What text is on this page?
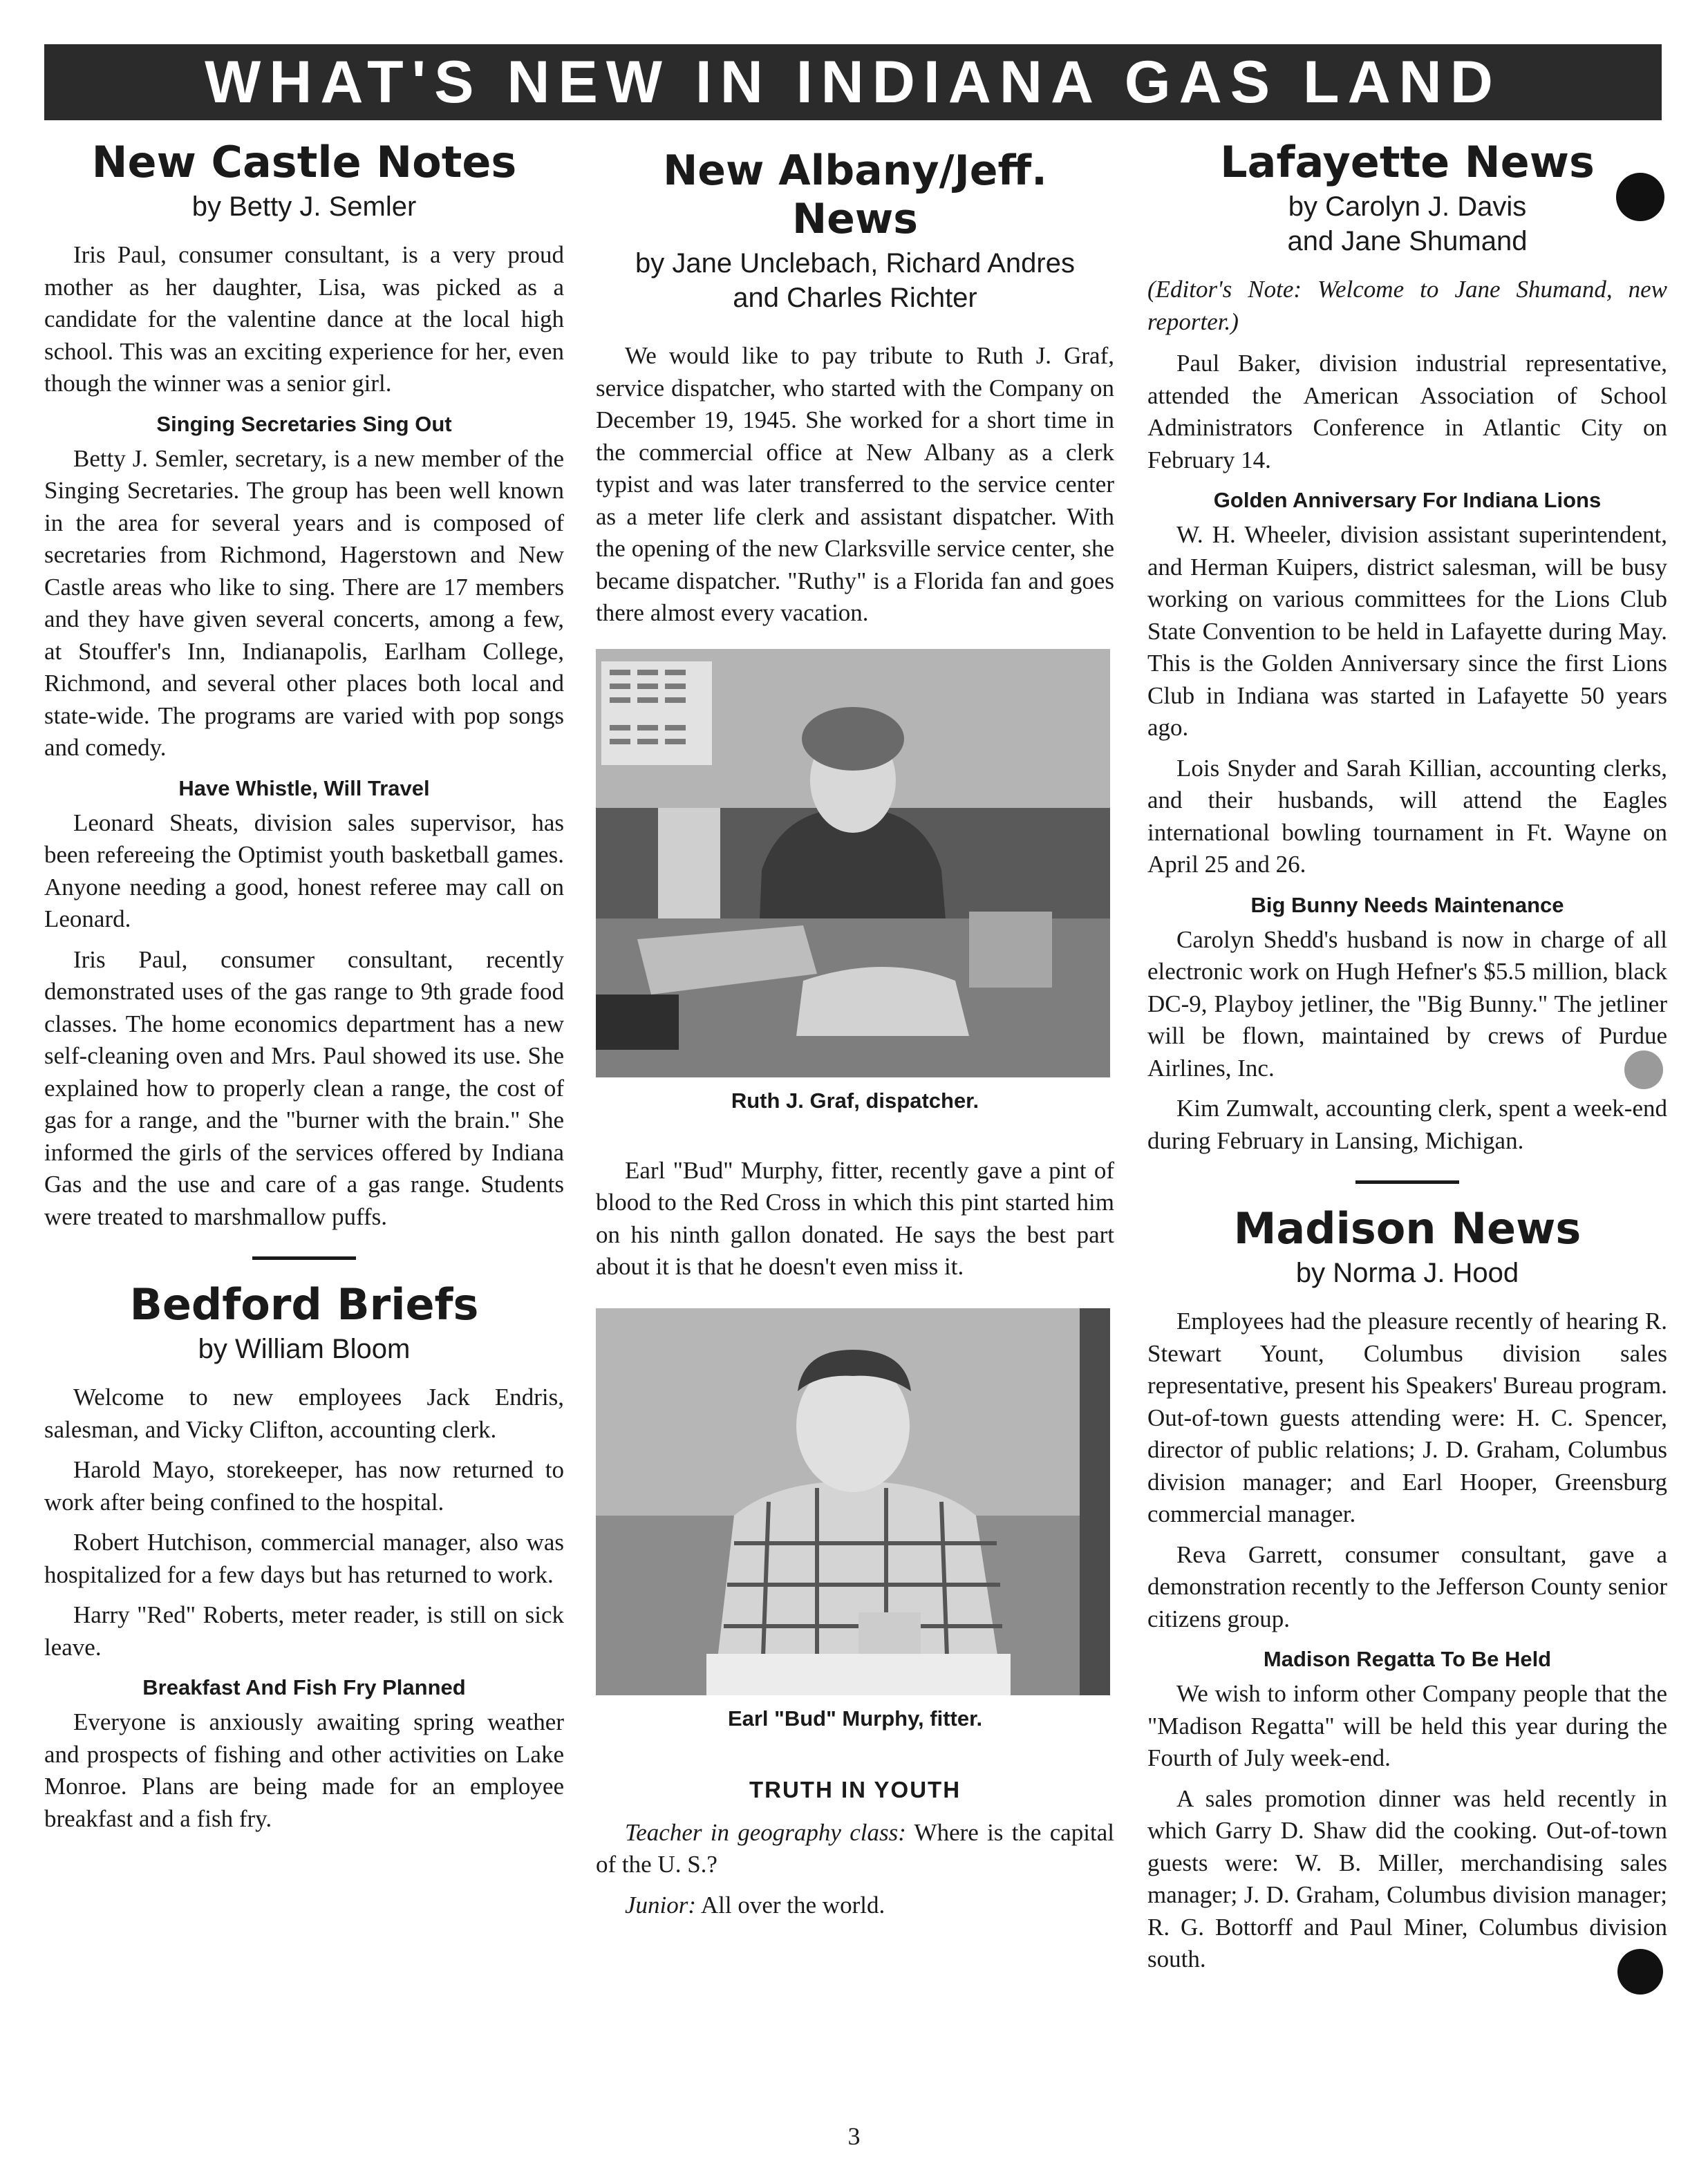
WHAT'S NEW IN INDIANA GAS LAND
New Castle Notes
by Betty J. Semler

Iris Paul, consumer consultant, is a very proud mother as her daughter, Lisa, was picked as a candidate for the valentine dance at the local high school. This was an exciting experience for her, even though the winner was a senior girl.

Singing Secretaries Sing Out

Betty J. Semler, secretary, is a new member of the Singing Secretaries. The group has been well known in the area for several years and is composed of secretaries from Richmond, Hagerstown and New Castle areas who like to sing. There are 17 members and they have given several concerts, among a few, at Stouffer's Inn, Indianapolis, Earlham College, Richmond, and several other places both local and state-wide. The programs are varied with pop songs and comedy.

Have Whistle, Will Travel

Leonard Sheats, division sales supervisor, has been refereeing the Optimist youth basketball games. Anyone needing a good, honest referee may call on Leonard.

Iris Paul, consumer consultant, recently demonstrated uses of the gas range to 9th grade food classes. The home economics department has a new self-cleaning oven and Mrs. Paul showed its use. She explained how to properly clean a range, the cost of gas for a range, and the "burner with the brain." She informed the girls of the services offered by Indiana Gas and the use and care of a gas range. Students were treated to marshmallow puffs.

Bedford Briefs
by William Bloom

Welcome to new employees Jack Endris, salesman, and Vicky Clifton, accounting clerk.

Harold Mayo, storekeeper, has now returned to work after being confined to the hospital.

Robert Hutchison, commercial manager, also was hospitalized for a few days but has returned to work.

Harry "Red" Roberts, meter reader, is still on sick leave.

Breakfast And Fish Fry Planned

Everyone is anxiously awaiting spring weather and prospects of fishing and other activities on Lake Monroe. Plans are being made for an employee breakfast and a fish fry.

New Albany/Jeff. News
by Jane Unclebach, Richard Andres
and Charles Richter

We would like to pay tribute to Ruth J. Graf, service dispatcher, who started with the Company on December 19, 1945. She worked for a short time in the commercial office at New Albany as a clerk typist and was later transferred to the service center as a meter life clerk and assistant dispatcher. With the opening of the new Clarksville service center, she became dispatcher. "Ruthy" is a Florida fan and goes there almost every vacation.

Ruth J. Graf, dispatcher.

Earl "Bud" Murphy, fitter, recently gave a pint of blood to the Red Cross in which this pint started him on his ninth gallon donated. He says the best part about it is that he doesn't even miss it.

Earl "Bud" Murphy, fitter.
TRUTH IN YOUTH

Teacher in geography class: Where is the capital of the U. S.?

Junior: All over the world.

Lafayette News
by Carolyn J. Davis
and Jane Shumand

(Editor's Note: Welcome to Jane Shumand, new reporter.)

Paul Baker, division industrial representative, attended the American Association of School Administrators Conference in Atlantic City on February 14.

Golden Anniversary For Indiana Lions

W. H. Wheeler, division assistant superintendent, and Herman Kuipers, district salesman, will be busy working on various committees for the Lions Club State Convention to be held in Lafayette during May. This is the Golden Anniversary since the first Lions Club in Indiana was started in Lafayette 50 years ago.

Lois Snyder and Sarah Killian, accounting clerks, and their husbands, will attend the Eagles international bowling tournament in Ft. Wayne on April 25 and 26.

Big Bunny Needs Maintenance

Carolyn Shedd's husband is now in charge of all electronic work on Hugh Hefner's $5.5 million, black DC-9, Playboy jetliner, the "Big Bunny." The jetliner will be flown, maintained by crews of Purdue Airlines, Inc.

Kim Zumwalt, accounting clerk, spent a week-end during February in Lansing, Michigan.

Madison News
by Norma J. Hood

Employees had the pleasure recently of hearing R. Stewart Yount, Columbus division sales representative, present his Speakers' Bureau program. Out-of-town guests attending were: H. C. Spencer, director of public relations; J. D. Graham, Columbus division manager; and Earl Hooper, Greensburg commercial manager.

Reva Garrett, consumer consultant, gave a demonstration recently to the Jefferson County senior citizens group.

Madison Regatta To Be Held

We wish to inform other Company people that the "Madison Regatta" will be held this year during the Fourth of July week-end.

A sales promotion dinner was held recently in which Garry D. Shaw did the cooking. Out-of-town guests were: W. B. Miller, merchandising sales manager; J. D. Graham, Columbus division manager; R. G. Bottorff and Paul Miner, Columbus division south.

3
